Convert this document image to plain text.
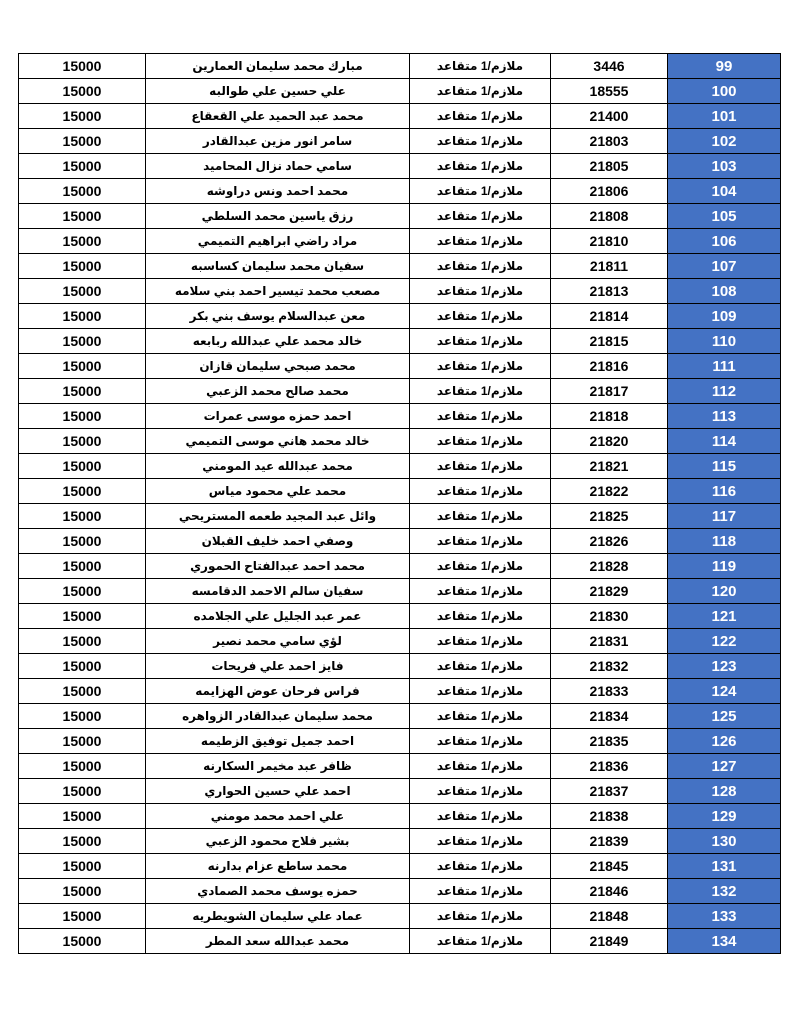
15000	مبارك محمد سليمان العمارين	ملازم/1 متقاعد	3446	99
15000	علي حسين علي طوالبه	ملازم/1 متقاعد	18555	100
15000	محمد عبد الحميد علي القعقاع	ملازم/1 متقاعد	21400	101
15000	سامر انور مزين عبدالقادر	ملازم/1 متقاعد	21803	102
15000	سامي حماد نزال المحاميد	ملازم/1 متقاعد	21805	103
15000	محمد احمد ونس دراوشه	ملازم/1 متقاعد	21806	104
15000	رزق ياسين محمد السلطي	ملازم/1 متقاعد	21808	105
15000	مراد راضي ابراهيم التميمي	ملازم/1 متقاعد	21810	106
15000	سفيان محمد سليمان كساسبه	ملازم/1 متقاعد	21811	107
15000	مصعب محمد تيسير احمد بني سلامه	ملازم/1 متقاعد	21813	108
15000	معن عبدالسلام يوسف بني بكر	ملازم/1 متقاعد	21814	109
15000	خالد محمد علي عبدالله ربابعه	ملازم/1 متقاعد	21815	110
15000	محمد صبحي سليمان قازان	ملازم/1 متقاعد	21816	111
15000	محمد صالح محمد الزعبي	ملازم/1 متقاعد	21817	112
15000	احمد حمزه موسى عمرات	ملازم/1 متقاعد	21818	113
15000	خالد محمد هاني موسى التميمي	ملازم/1 متقاعد	21820	114
15000	محمد عبدالله عيد المومني	ملازم/1 متقاعد	21821	115
15000	محمد علي محمود مياس	ملازم/1 متقاعد	21822	116
15000	وائل عبد المجيد طعمه المستريحي	ملازم/1 متقاعد	21825	117
15000	وصفي احمد خليف القبلان	ملازم/1 متقاعد	21826	118
15000	محمد احمد عبدالفتاح الحموري	ملازم/1 متقاعد	21828	119
15000	سفيان سالم الاحمد الدقامسه	ملازم/1 متقاعد	21829	120
15000	عمر عبد الجليل علي الجلامده	ملازم/1 متقاعد	21830	121
15000	لؤي سامي محمد نصير	ملازم/1 متقاعد	21831	122
15000	فايز احمد علي فريحات	ملازم/1 متقاعد	21832	123
15000	فراس فرحان عوض الهزايمه	ملازم/1 متقاعد	21833	124
15000	محمد سليمان عبدالقادر الزواهره	ملازم/1 متقاعد	21834	125
15000	احمد جميل توفيق الزطيمه	ملازم/1 متقاعد	21835	126
15000	ظافر عبد مخيمر السكارنه	ملازم/1 متقاعد	21836	127
15000	احمد علي حسين الحواري	ملازم/1 متقاعد	21837	128
15000	علي احمد محمد مومني	ملازم/1 متقاعد	21838	129
15000	بشير فلاح محمود الزعبي	ملازم/1 متقاعد	21839	130
15000	محمد ساطع عزام بدارنه	ملازم/1 متقاعد	21845	131
15000	حمزه يوسف محمد الصمادي	ملازم/1 متقاعد	21846	132
15000	عماد علي سليمان الشويطريه	ملازم/1 متقاعد	21848	133
15000	محمد عبدالله سعد المطر	ملازم/1 متقاعد	21849	134
